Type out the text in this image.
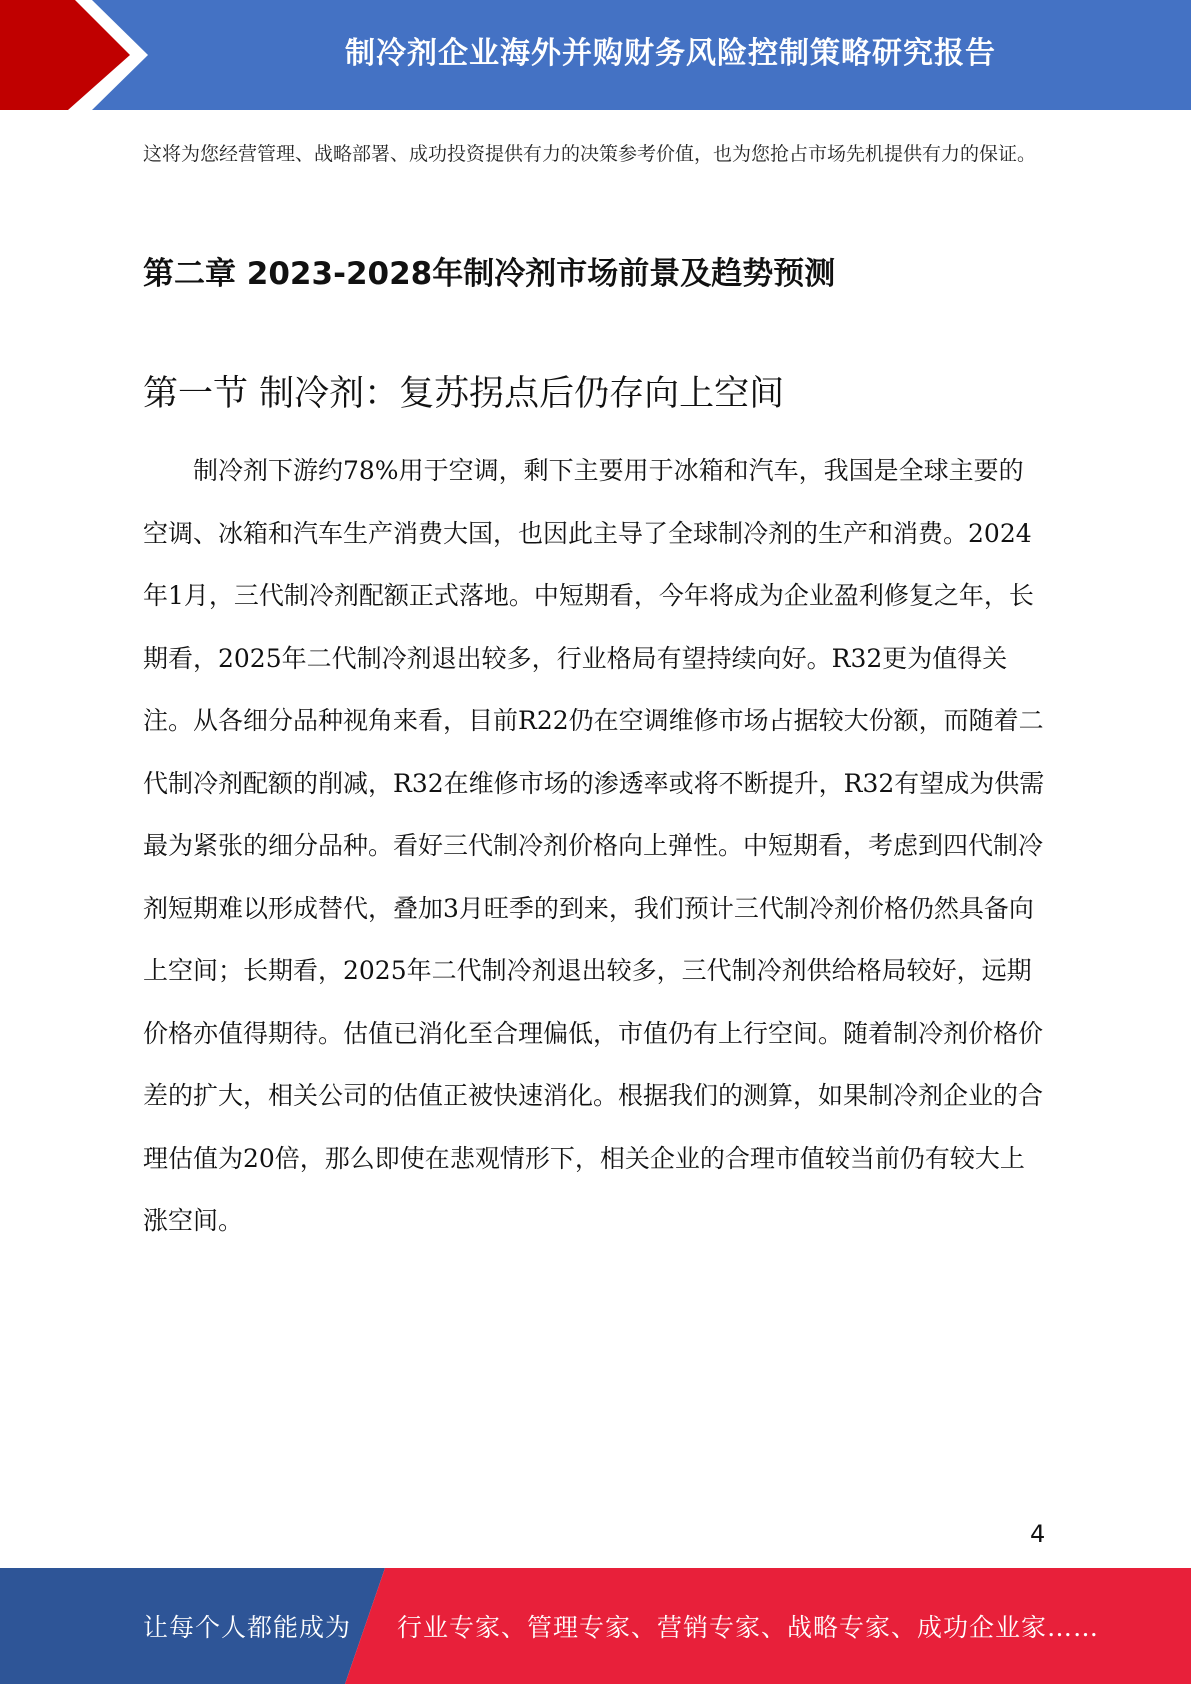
制冷剂企业海外并购财务风险控制策略研究报告
这将为您经营管理、战略部署、成功投资提供有力的决策参考价值，也为您抢占市场先机提供有力的保证。
第二章 2023-2028年制冷剂市场前景及趋势预测
第一节 制冷剂：复苏拐点后仍存向上空间

制冷剂下游约78%用于空调，剩下主要用于冰箱和汽车，我国是全球主要的空调、冰箱和汽车生产消费大国，也因此主导了全球制冷剂的生产和消费。2024年1月，三代制冷剂配额正式落地。中短期看，今年将成为企业盈利修复之年，长期看，2025年二代制冷剂退出较多，行业格局有望持续向好。R32更为值得关注。从各细分品种视角来看，目前R22仍在空调维修市场占据较大份额，而随着二代制冷剂配额的削减，R32在维修市场的渗透率或将不断提升，R32有望成为供需最为紧张的细分品种。看好三代制冷剂价格向上弹性。中短期看，考虑到四代制冷剂短期难以形成替代，叠加3月旺季的到来，我们预计三代制冷剂价格仍然具备向上空间；长期看，2025年二代制冷剂退出较多，三代制冷剂供给格局较好，远期价格亦值得期待。估值已消化至合理偏低，市值仍有上行空间。随着制冷剂价格价差的扩大，相关公司的估值正被快速消化。根据我们的测算，如果制冷剂企业的合理估值为20倍，那么即使在悲观情形下，相关企业的合理市值较当前仍有较大上涨空间。

4
让每个人都能成为 行业专家、管理专家、营销专家、战略专家、成功企业家……
